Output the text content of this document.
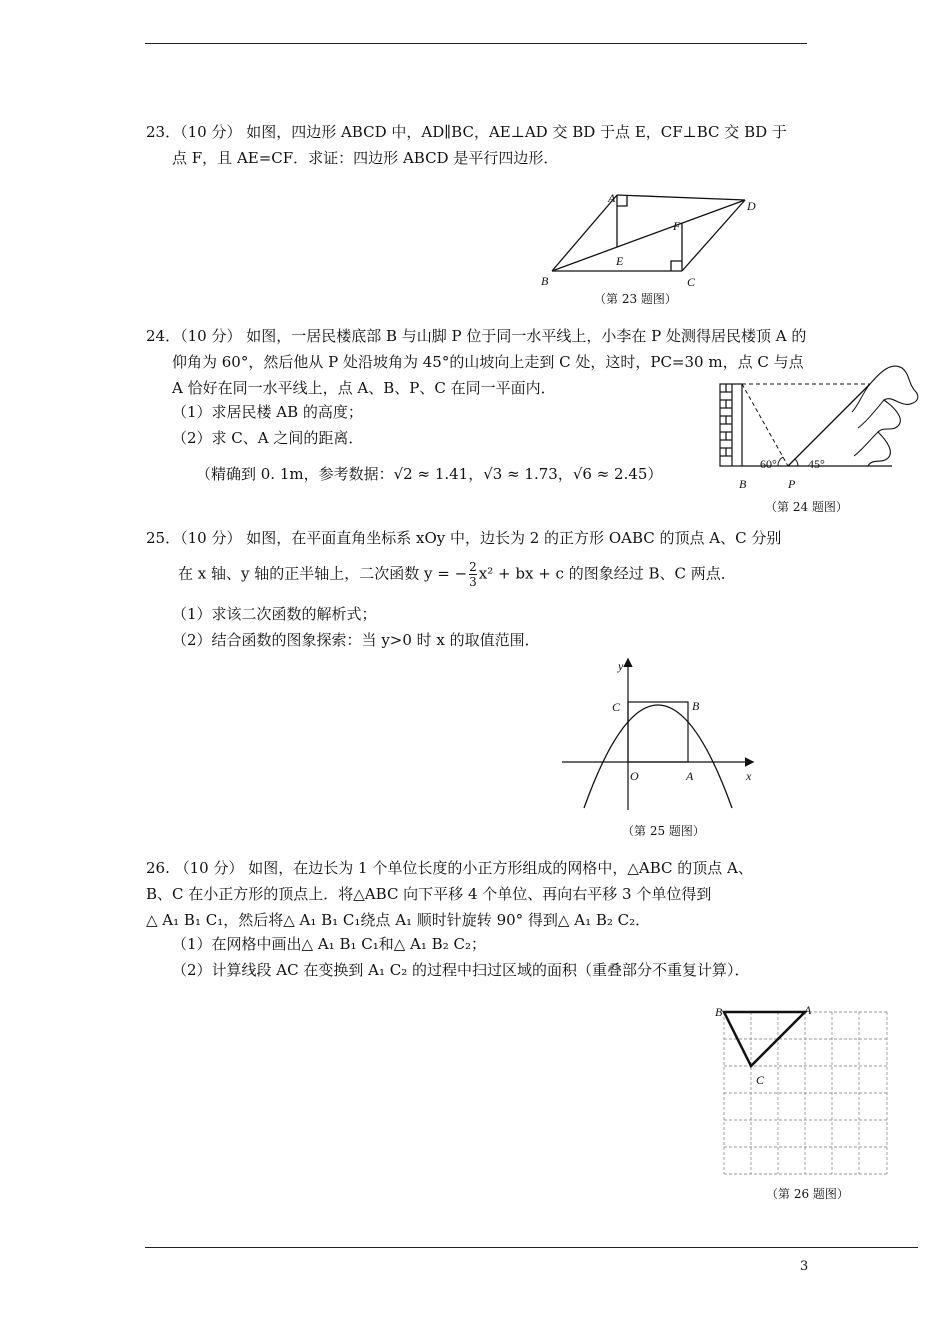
3
23．（10 分） 如图，四边形 ABCD 中，AD∥BC，AE⊥AD 交 BD 于点 E，CF⊥BC 交 BD 于
点 F，且 AE=CF．求证：四边形 ABCD 是平行四边形．
A
D
F
E
B	C
（第 23 题图）
24．（10 分） 如图，一居民楼底部 B 与山脚 P 位于同一水平线上，小李在 P 处测得居民楼顶 A 的
仰角为 60°，然后他从 P 处沿坡角为 45°的山坡向上走到 C 处，这时，PC=30 m，点 C 与点
A 恰好在同一水平线上，点 A、B、P、C 在同一平面内．
（1）求居民楼 AB 的高度；
（2）求 C、A 之间的距离．
（精确到 0. 1m，参考数据：√2 ≈ 1.41，√3 ≈ 1.73，√6 ≈ 2.45）
60°	45°
B	P
（第 24 题图）
25．（10 分） 如图，在平面直角坐标系 xOy 中，边长为 2 的正方形 OABC 的顶点 A、C 分别
在 x 轴、y 轴的正半轴上，二次函数 y = − $\frac{2}{3} x^2$ + bx + c 的图象经过 B、C 两点．
（1）求该二次函数的解析式；
（2）结合函数的图象探索：当 y>0 时 x 的取值范围．
y
x
O	A
C	B
（第 25 题图）
26. （10 分） 如图，在边长为 1 个单位长度的小正方形组成的网格中，△ABC 的顶点 A、
B、C 在小正方形的顶点上．将△ABC 向下平移 4 个单位、再向右平移 3 个单位得到
△ A₁ B₁ C₁，然后将△ A₁ B₁ C₁绕点 A₁ 顺时针旋转 90° 得到△ A₁ B₂ C₂．
（1）在网格中画出△ A₁ B₁ C₁和△ A₁ B₂ C₂；
（2）计算线段 AC 在变换到 A₁ C₂ 的过程中扫过区域的面积（重叠部分不重复计算）．
B	A
C
（第 26 题图）
